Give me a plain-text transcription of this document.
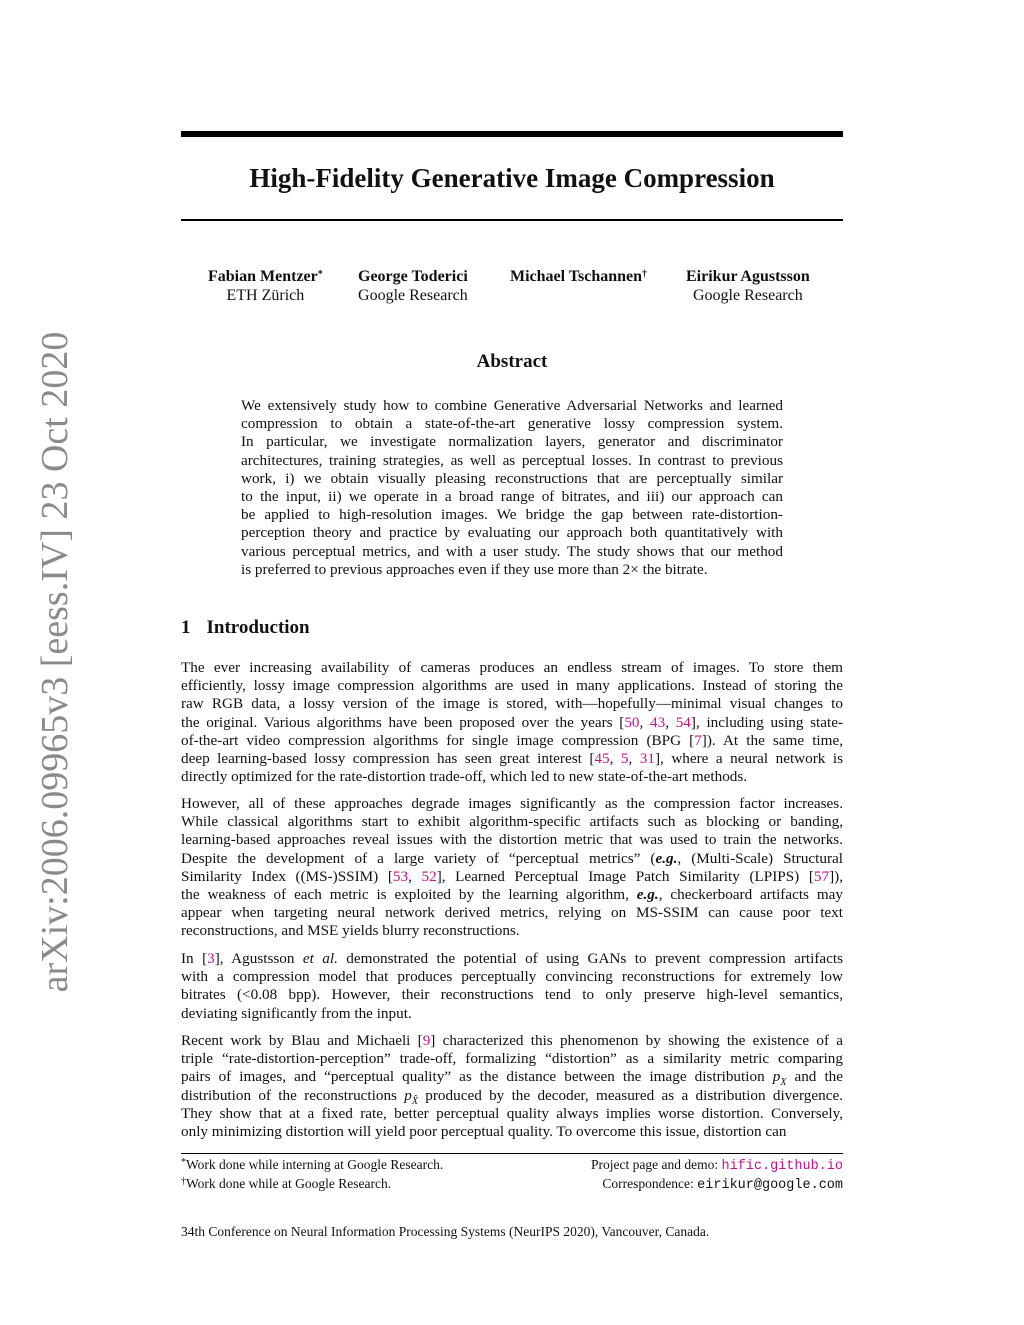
arXiv:2006.09965v3 [eess.IV] 23 Oct 2020
High-Fidelity Generative Image Compression
Fabian Mentzer*
ETH Zürich
George Toderici
Google Research
Michael Tschannen† Eirikur Agustsson
Google Research
Abstract
We extensively study how to combine Generative Adversarial Networks and learned
compression to obtain a state-of-the-art generative lossy compression system.
In particular, we investigate normalization layers, generator and discriminator
architectures, training strategies, as well as perceptual losses. In contrast to previous
work, i) we obtain visually pleasing reconstructions that are perceptually similar
to the input, ii) we operate in a broad range of bitrates, and iii) our approach can
be applied to high-resolution images. We bridge the gap between rate-distortion-
perception theory and practice by evaluating our approach both quantitatively with
various perceptual metrics, and with a user study. The study shows that our method
is preferred to previous approaches even if they use more than 2× the bitrate.
1 Introduction
The ever increasing availability of cameras produces an endless stream of images. To store them
efficiently, lossy image compression algorithms are used in many applications. Instead of storing the
raw RGB data, a lossy version of the image is stored, with—hopefully—minimal visual changes to
the original. Various algorithms have been proposed over the years [50, 43, 54], including using state-
of-the-art video compression algorithms for single image compression (BPG [7]). At the same time,
deep learning-based lossy compression has seen great interest [45, 5, 31], where a neural network is
directly optimized for the rate-distortion trade-off, which led to new state-of-the-art methods.
However, all of these approaches degrade images significantly as the compression factor increases.
While classical algorithms start to exhibit algorithm-specific artifacts such as blocking or banding,
learning-based approaches reveal issues with the distortion metric that was used to train the networks.
Despite the development of a large variety of “perceptual metrics” (e.g., (Multi-Scale) Structural
Similarity Index ((MS-)SSIM) [53, 52], Learned Perceptual Image Patch Similarity (LPIPS) [57]),
the weakness of each metric is exploited by the learning algorithm, e.g., checkerboard artifacts may
appear when targeting neural network derived metrics, relying on MS-SSIM can cause poor text
reconstructions, and MSE yields blurry reconstructions.
In [3], Agustsson et al. demonstrated the potential of using GANs to prevent compression artifacts
with a compression model that produces perceptually convincing reconstructions for extremely low
bitrates (<0.08 bpp). However, their reconstructions tend to only preserve high-level semantics,
deviating significantly from the input.
Recent work by Blau and Michaeli [9] characterized this phenomenon by showing the existence of a
triple “rate-distortion-perception” trade-off, formalizing “distortion” as a similarity metric comparing
pairs of images, and “perceptual quality” as the distance between the image distribution $p_X$ and the
distribution of the reconstructions $p_{X̂}$ produced by the decoder, measured as a distribution divergence.
They show that at a fixed rate, better perceptual quality always implies worse distortion. Conversely,
only minimizing distortion will yield poor perceptual quality. To overcome this issue, distortion can
*Work done while interning at Google Research.
†Work done while at Google Research.
Project page and demo: hific.github.io
Correspondence: eirikur@google.com
34th Conference on Neural Information Processing Systems (NeurIPS 2020), Vancouver, Canada.
